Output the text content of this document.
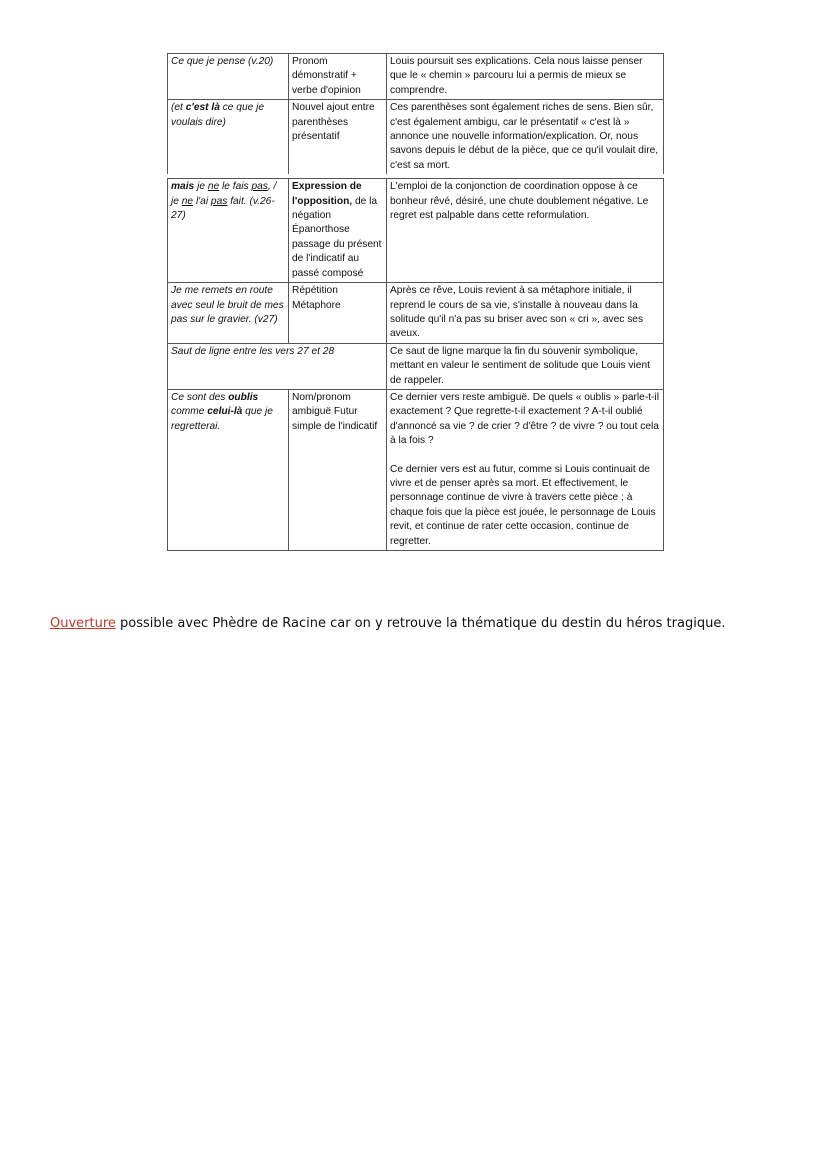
Ce que je pense (v.20)	Pronom démonstratif + verbe d'opinion
Louis poursuit ses explications. Cela nous laisse penser que le « chemin » parcouru lui a permis de mieux se comprendre.
(et c'est là ce que je voulais dire)
Nouvel ajout entre parenthèses présentatif
Ces parenthèses sont également riches de sens. Bien sûr, c'est également ambigu, car le présentatif « c'est là » annonce une nouvelle information/explication. Or, nous savons depuis le début de la pièce, que ce qu'il voulait dire, c'est sa mort.
mais je ne le fais pas, / je ne l'ai pas fait. (v.26-27)
Expression de l'opposition, de la négation Épanorthose passage du présent de l'indicatif au passé composé
L'emploi de la conjonction de coordination oppose à ce bonheur rêvé, désiré, une chute doublement négative. Le regret est palpable dans cette reformulation.
Je me remets en route avec seul le bruit de mes pas sur le gravier. (v27)
Répétition Métaphore
Après ce rêve, Louis revient à sa métaphore initiale, il reprend le cours de sa vie, s'installe à nouveau dans la solitude qu'il n'a pas su briser avec son « cri », avec ses aveux.
Saut de ligne entre les vers 27 et 28	Ce saut de ligne marque la fin du souvenir symbolique, mettant en valeur le sentiment de solitude que Louis vient de rappeler.
Ce sont des oublis comme celui-là que je regretterai.
Nom/pronom ambiguë Futur simple de l'indicatif
Ce dernier vers reste ambiguë. De quels « oublis » parle-t-il exactement ? Que regrette-t-il exactement ? A-t-il oublié d'annoncé sa vie ? de crier ? d'être ? de vivre ? ou tout cela à la fois ?
Ce dernier vers est au futur, comme si Louis continuait de vivre et de penser après sa mort. Et effectivement, le personnage continue de vivre à travers cette pièce ; à chaque fois que la pièce est jouée, le personnage de Louis revit, et continue de rater cette occasion, continue de regretter.
Ouverture possible avec Phèdre de Racine car on y retrouve la thématique du destin du héros tragique.
